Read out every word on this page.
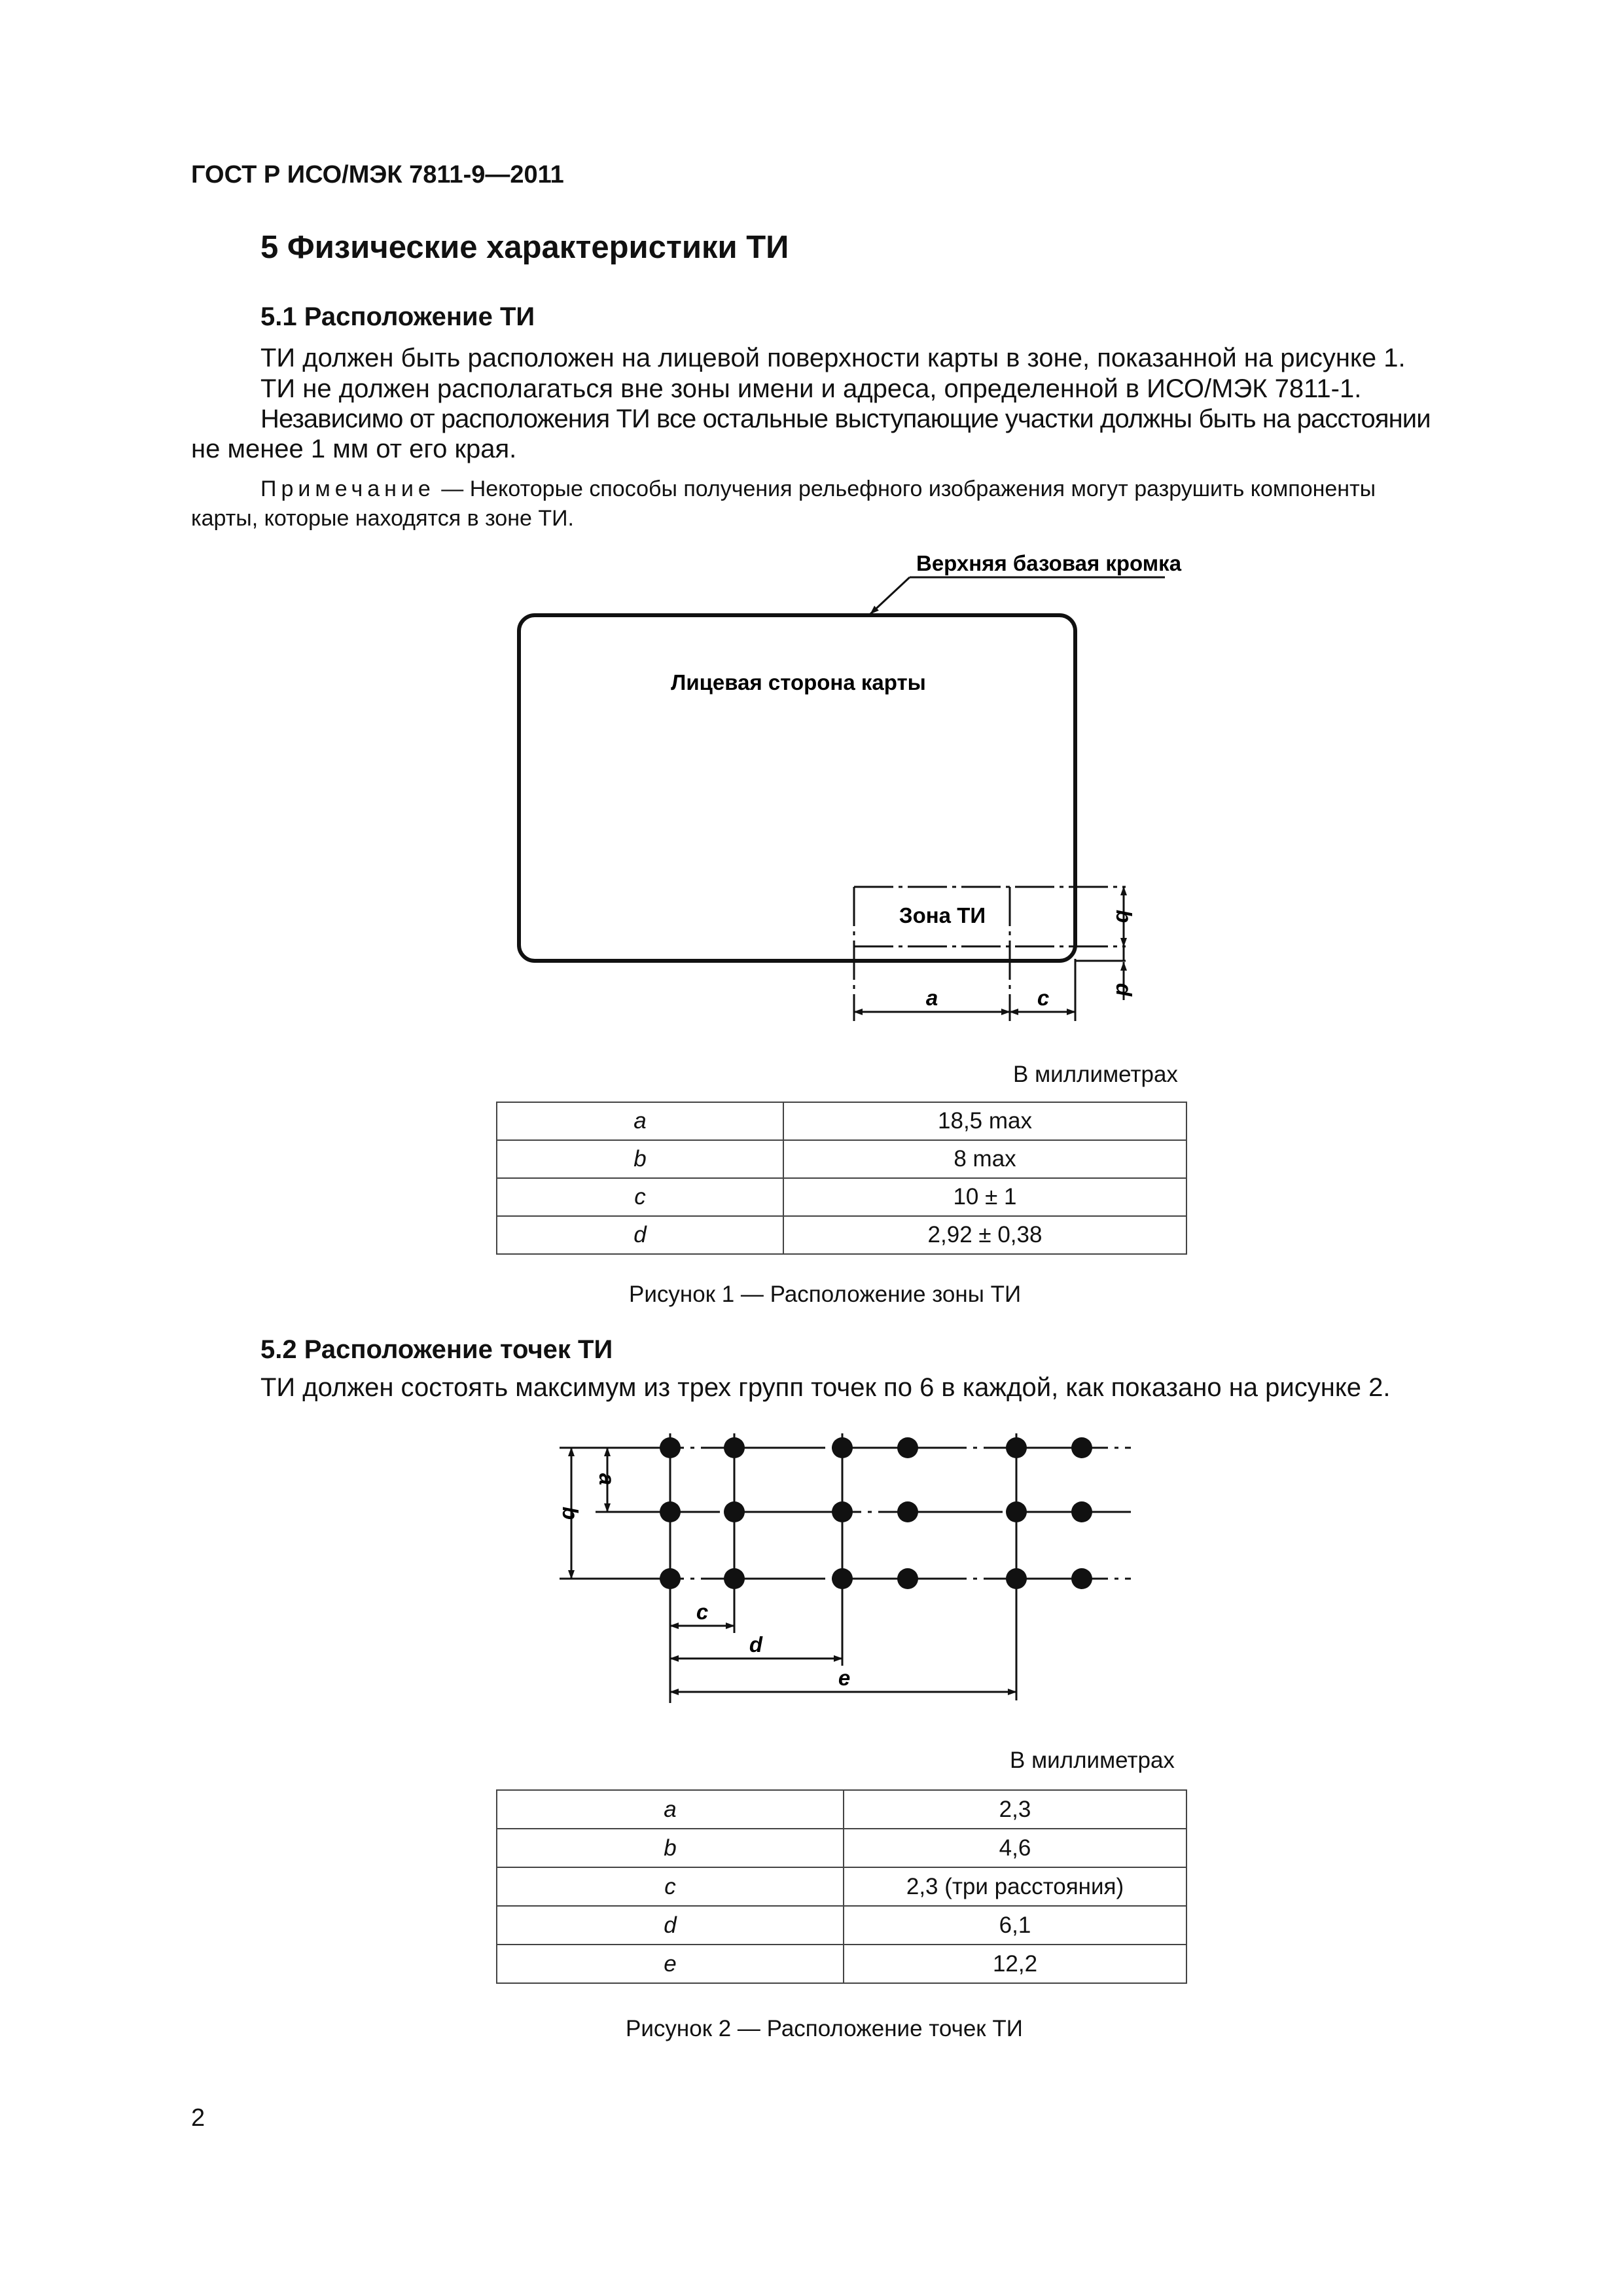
ГОСТ Р ИСО/МЭК 7811-9—2011
5 Физические характеристики ТИ
5.1 Расположение ТИ
ТИ должен быть расположен на лицевой поверхности карты в зоне, показанной на рисунке 1.
ТИ не должен располагаться вне зоны имени и адреса, определенной в ИСО/МЭК 7811-1.
Независимо от расположения ТИ все остальные выступающие участки должны быть на расстоянии
не менее 1 мм от его края.
Примечание — Некоторые способы получения рельефного изображения могут разрушить компоненты
карты, которые находятся в зоне ТИ.
Верхняя базовая кромка
Лицевая сторона карты
Зона ТИ
a	c
b
d
В миллиметрах
a	18,5 max
b	8 max
c	10 ± 1
d	2,92 ± 0,38
Рисунок 1 — Расположение зоны ТИ
5.2 Расположение точек ТИ
ТИ должен состоять максимум из трех групп точек по 6 в каждой, как показано на рисунке 2.
b
a
c
d
e
В миллиметрах
a	2,3
b	4,6
c	2,3 (три расстояния)
d	6,1
e	12,2
Рисунок 2 — Расположение точек ТИ
2
